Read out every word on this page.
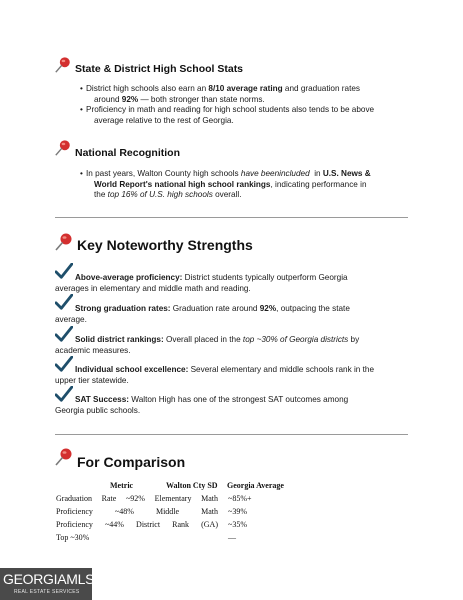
State & District High School Stats
• District high schools also earn an 8/10 average rating and graduation rates
around 92% — both stronger than state norms.
• Proficiency in math and reading for high school students also tends to be above
average relative to the rest of Georgia.
National Recognition
• In past years, Walton County high schools have beenincluded  in U.S. News &
World Report's national high school rankings, indicating performance in
the top 16% of U.S. high schools overall.
Key Noteworthy Strengths
Above-average proficiency: District students typically outperform Georgia
averages in elementary and middle math and reading.
Strong graduation rates: Graduation rate around 92%, outpacing the state
average.
Solid district rankings: Overall placed in the top ~30% of Georgia districts by
academic measures.
Individual school excellence: Several elementary and middle schools rank in the
upper tier statewide.
SAT Success: Walton High has one of the strongest SAT outcomes among
Georgia public schools.
For Comparison
Metric	Walton Cty SD Georgia Average
Graduation Rate ~92% Elementary Math ~85%+
Proficiency ~48% Middle Math ~39%
Proficiency ~44% District Rank (GA) ~35%
Top ~30%	—
GEORGIAMLS
REAL ESTATE SERVICES
